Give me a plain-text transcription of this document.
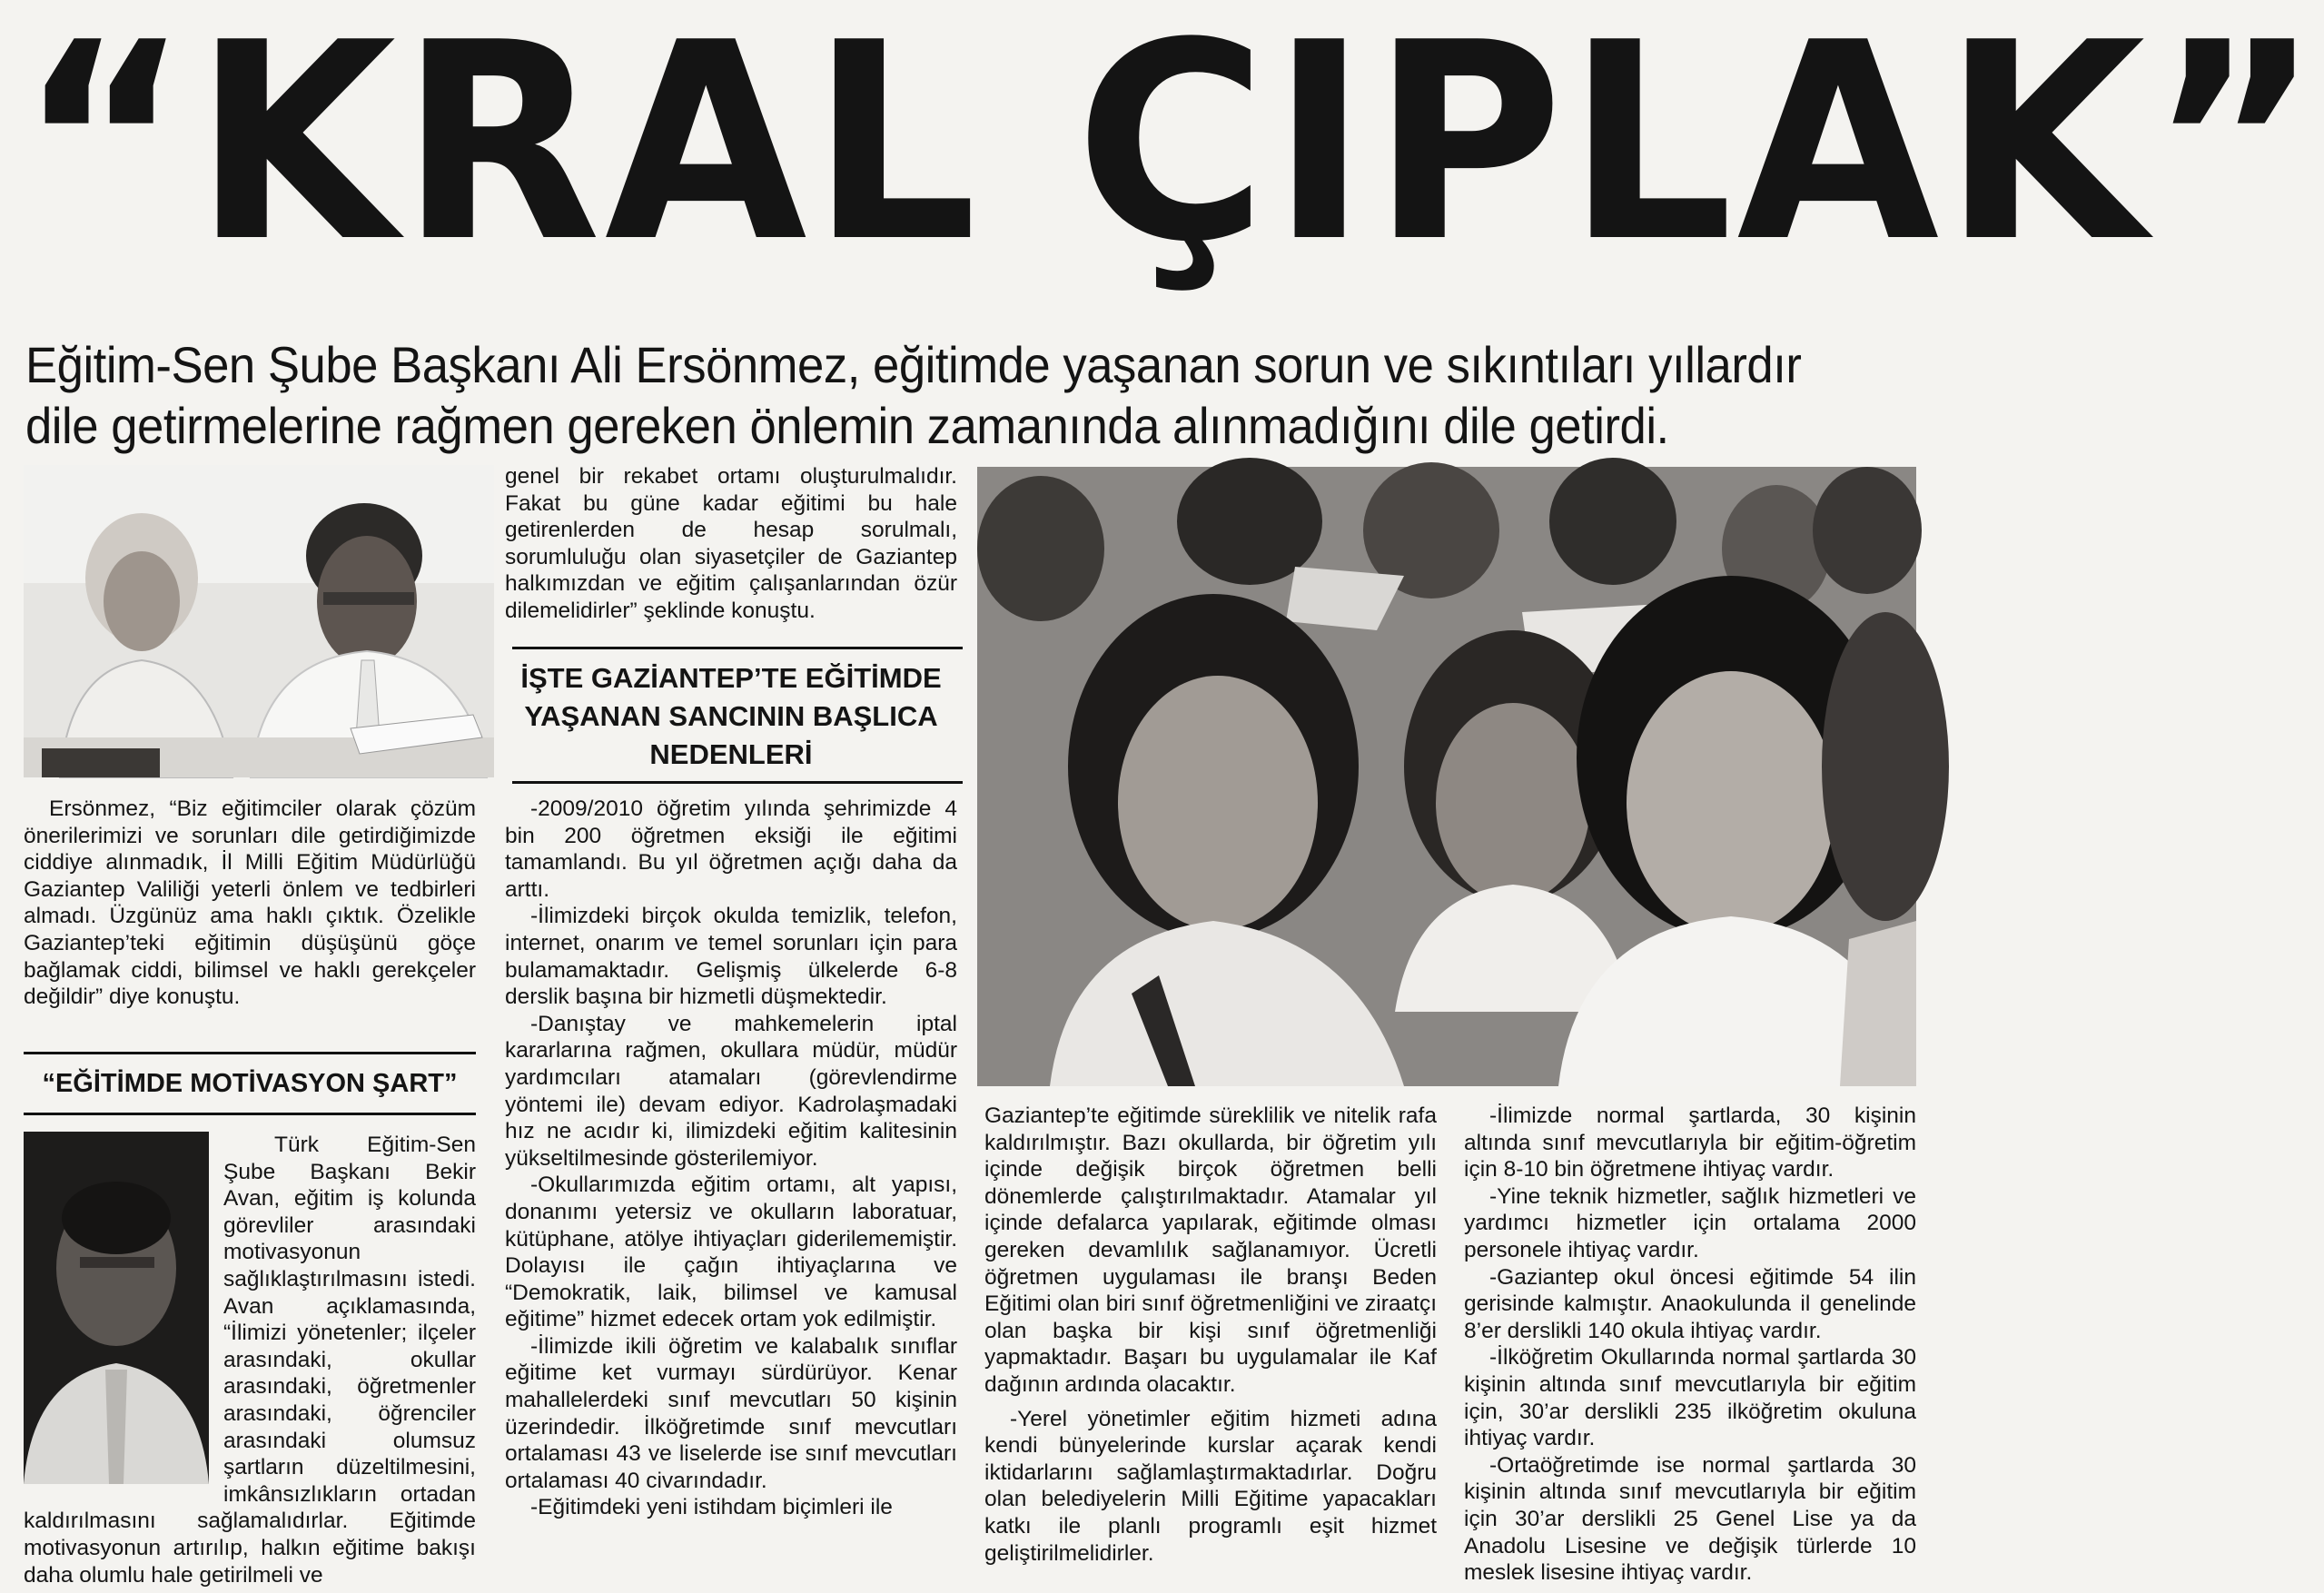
“KRAL ÇIPLAK”

Eğitim-Sen Şube Başkanı Ali Ersönmez, eğitimde yaşanan sorun ve sıkıntıları yıllardır dile getirmelerine rağmen gereken önlemin zamanında alınmadığını dile getirdi.

Ersönmez, “Biz eğitimciler olarak çözüm önerilerimizi ve sorunları dile getirdiğimizde ciddiye alınmadık, İl Milli Eğitim Müdürlüğü Gaziantep Valiliği yeterli önlem ve tedbirleri almadı. Üzgünüz ama haklı çıktık. Özelikle Gaziantep’teki eğitimin düşüşünü göçe bağlamak ciddi, bilimsel ve haklı gerekçeler değildir” diye konuştu.

“EĞİTİMDE MOTİVASYON ŞART”

Türk Eğitim-Sen Şube Başkanı Bekir Avan, eğitim iş kolunda görevliler arasındaki motivasyonun sağlıklaştırılmasını istedi. Avan açıklamasında, “İlimizi yönetenler; ilçeler arasındaki, okullar arasındaki, öğretmenler arasındaki, öğrenciler arasındaki olumsuz şartların düzeltilmesini, imkânsızlıkların ortadan kaldırılmasını sağlamalıdırlar. Eğitimde motivasyonun artırılıp, halkın eğitime bakışı daha olumlu hale getirilmeli ve

genel bir rekabet ortamı oluşturulmalıdır. Fakat bu güne kadar eğitimi bu hale getirenlerden de hesap sorulmalı, sorumluluğu olan siyasetçiler de Gaziantep halkımızdan ve eğitim çalışanlarından özür dilemelidirler” şeklinde konuştu.

İŞTE GAZİANTEP’TE EĞİTİMDE
YAŞANAN SANCININ BAŞLICA
NEDENLERİ

-2009/2010 öğretim yılında şehrimizde 4 bin 200 öğretmen eksiği ile eğitimi tamamlandı. Bu yıl öğretmen açığı daha da arttı.

-İlimizdeki birçok okulda temizlik, telefon, internet, onarım ve temel sorunları için para bulamamaktadır. Gelişmiş ülkelerde 6-8 derslik başına bir hizmetli düşmektedir.

-Danıştay ve mahkemelerin iptal kararlarına rağmen, okullara müdür, müdür yardımcıları atamaları (görevlendirme yöntemi ile) devam ediyor. Kadrolaşmadaki hız ne acıdır ki, ilimizdeki eğitim kalitesinin yükseltilmesinde gösterilemiyor.

-Okullarımızda eğitim ortamı, alt yapısı, donanımı yetersiz ve okulların laboratuar, kütüphane, atölye ihtiyaçları giderilememiştir. Dolayısı ile çağın ihtiyaçlarına ve “Demokratik, laik, bilimsel ve kamusal eğitime” hizmet edecek ortam yok edilmiştir.

-İlimizde ikili öğretim ve kalabalık sınıflar eğitime ket vurmayı sürdürüyor. Kenar mahallelerdeki sınıf mevcutları 50 kişinin üzerindedir. İlköğretimde sınıf mevcutları ortalaması 43 ve liselerde ise sınıf mevcutları ortalaması 40 civarındadır.

-Eğitimdeki yeni istihdam biçimleri ile

Gaziantep’te eğitimde süreklilik ve nitelik rafa kaldırılmıştır. Bazı okullarda, bir öğretim yılı içinde değişik birçok öğretmen belli dönemlerde çalıştırılmaktadır. Atamalar yıl içinde defalarca yapılarak, eğitimde olması gereken devamlılık sağlanamıyor. Ücretli öğretmen uygulaması ile branşı Beden Eğitimi olan biri sınıf öğretmenliğini ve ziraatçı olan başka bir kişi sınıf öğretmenliği yapmaktadır. Başarı bu uygulamalar ile Kaf dağının ardında olacaktır.

-Yerel yönetimler eğitim hizmeti adına kendi bünyelerinde kurslar açarak kendi iktidarlarını sağlamlaştırmaktadırlar. Doğru olan belediyelerin Milli Eğitime yapacakları katkı ile planlı programlı eşit hizmet geliştirilmelidirler.

-İlimizde normal şartlarda, 30 kişinin altında sınıf mevcutlarıyla bir eğitim-öğretim için 8-10 bin öğretmene ihtiyaç vardır.

-Yine teknik hizmetler, sağlık hizmetleri ve yardımcı hizmetler için ortalama 2000 personele ihtiyaç vardır.

-Gaziantep okul öncesi eğitimde 54 ilin gerisinde kalmıştır. Anaokulunda il genelinde 8’er derslikli 140 okula ihtiyaç vardır.

-İlköğretim Okullarında normal şartlarda 30 kişinin altında sınıf mevcutlarıyla bir eğitim için, 30’ar derslikli 235 ilköğretim okuluna ihtiyaç vardır.

-Ortaöğretimde ise normal şartlarda 30 kişinin altında sınıf mevcutlarıyla bir eğitim için 30’ar derslikli 25 Genel Lise ya da Anadolu Lisesine ve değişik türlerde 10 meslek lisesine ihtiyaç vardır.
